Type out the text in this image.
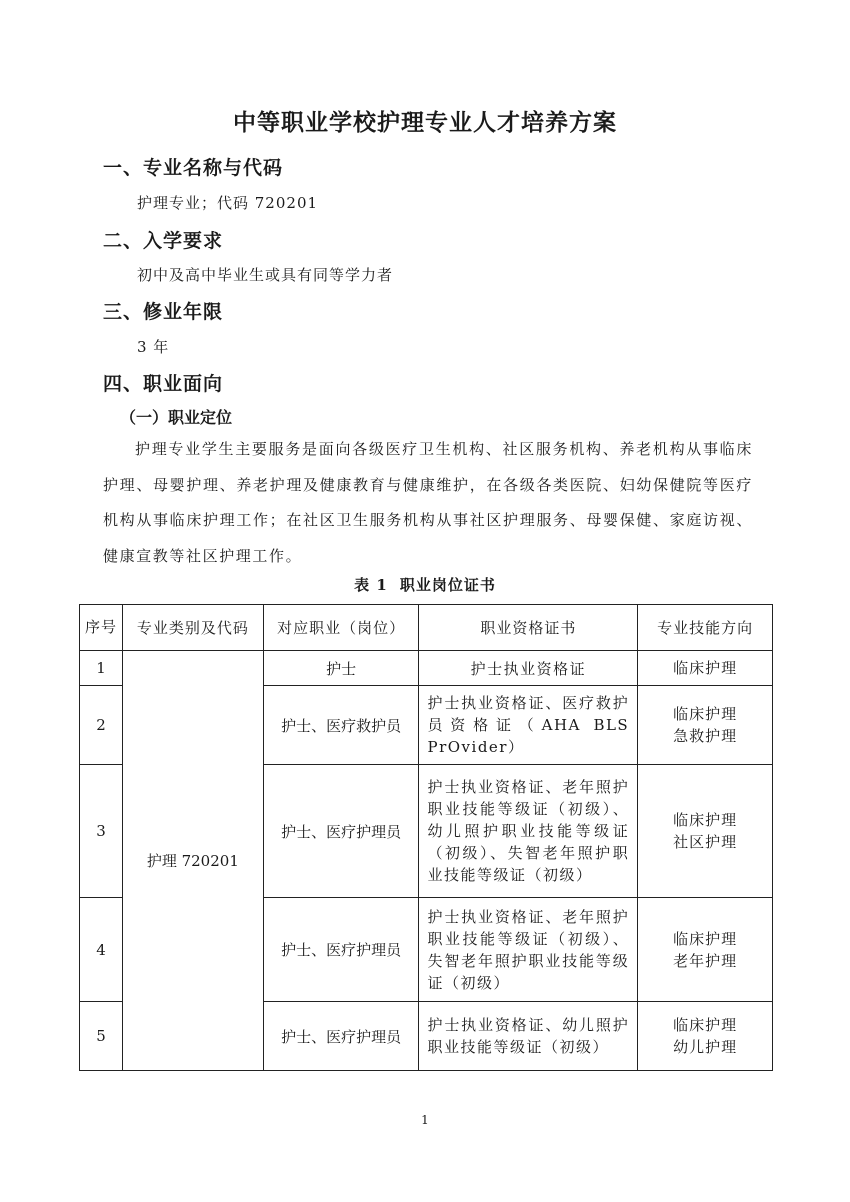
中等职业学校护理专业人才培养方案
一、专业名称与代码
护理专业；代码 720201
二、入学要求
初中及高中毕业生或具有同等学力者
三、修业年限
3 年
四、职业面向
（一）职业定位
护理专业学生主要服务是面向各级医疗卫生机构、社区服务机构、养老机构从事临床护理、母婴护理、养老护理及健康教育与健康维护，在各级各类医院、妇幼保健院等医疗机构从事临床护理工作；在社区卫生服务机构从事社区护理服务、母婴保健、家庭访视、健康宣教等社区护理工作。
表 1 职业岗位证书
序号	专业类别及代码	对应职业（岗位）	职业资格证书	专业技能方向
1	护理 720201	护士	护士执业资格证	临床护理
2		护士、医疗救护员	护士执业资格证、医疗救护员资格证（AHA BLS PrOvider）	临床护理
急救护理
3		护士、医疗护理员	护士执业资格证、老年照护职业技能等级证（初级）、幼儿照护职业技能等级证（初级）、失智老年照护职业技能等级证（初级）	临床护理
社区护理
4		护士、医疗护理员	护士执业资格证、老年照护职业技能等级证（初级）、失智老年照护职业技能等级证（初级）	临床护理
老年护理
5		护士、医疗护理员	护士执业资格证、幼儿照护职业技能等级证（初级）	临床护理
幼儿护理
1
